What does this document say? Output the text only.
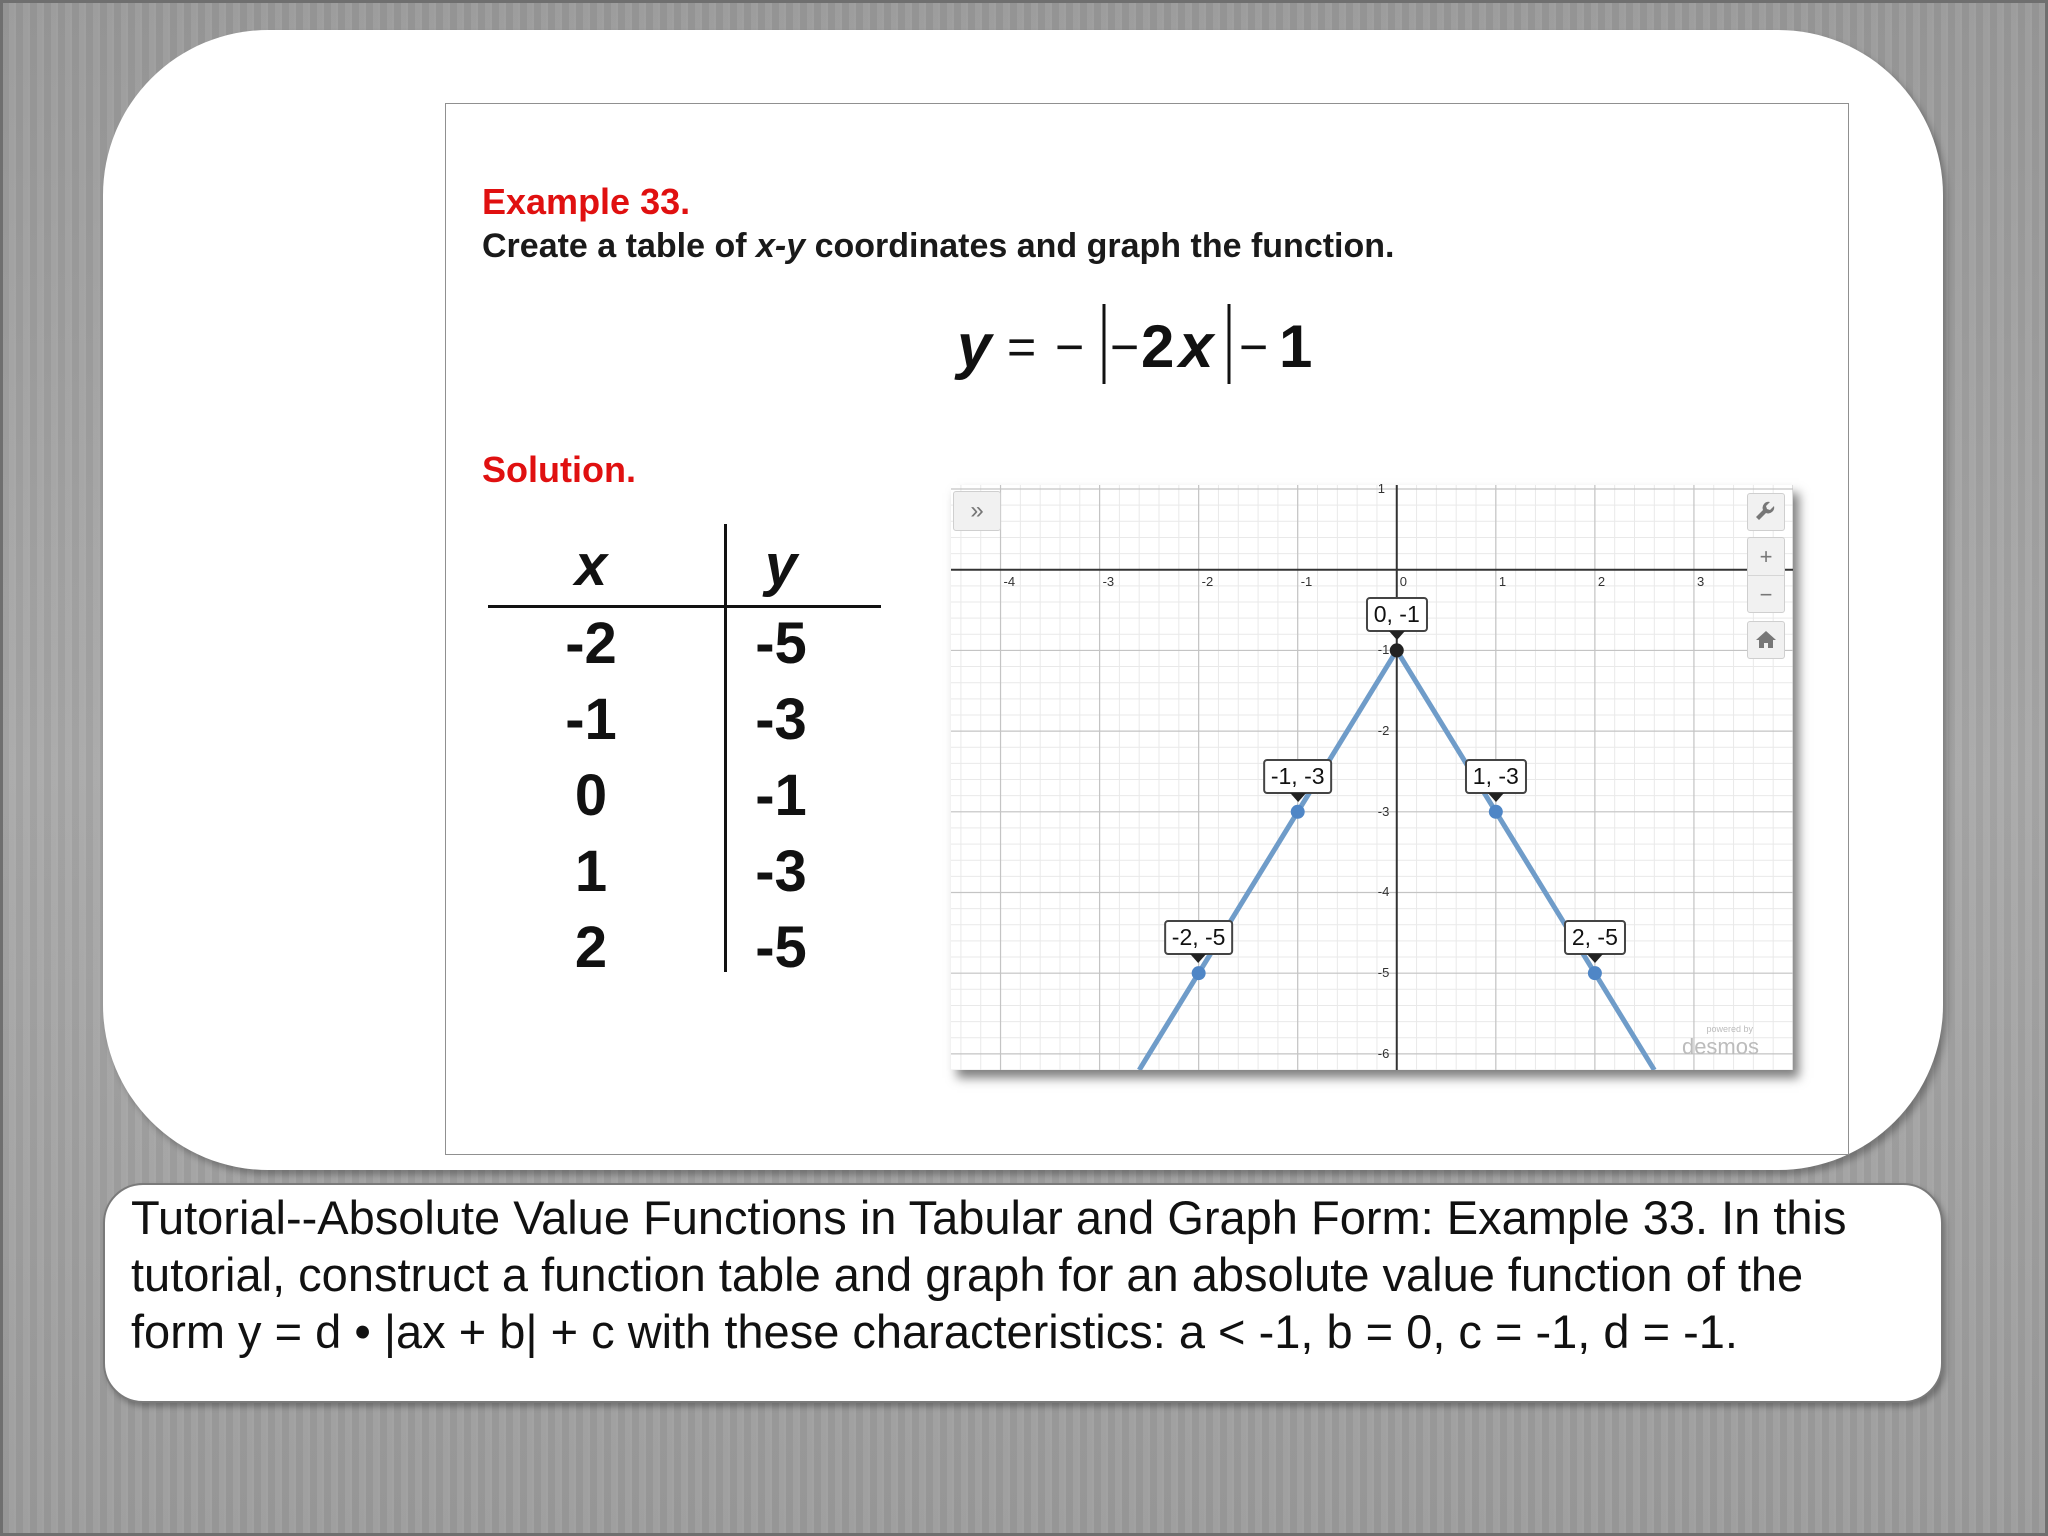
Example 33.

Create a table of x-y coordinates and graph the function.

y = − − 2 x − 1

Solution.

x	y
-2	-5
-1	-3
0	-1
1	-3
2	-5
»
+
−
powered by
desmos
-4	-3	-2	-1	0	1	2	3
1
-1
-2
-3
-4
-5
-6
-2, -5
-1, -3
0, -1
1, -3
2, -5

Tutorial--Absolute Value Functions in Tabular and Graph Form: Example 33. In this tutorial, construct a function table and graph for an absolute value function of the form y = d • |ax + b| + c with these characteristics: a < -1, b = 0, c = -1, d = -1.
